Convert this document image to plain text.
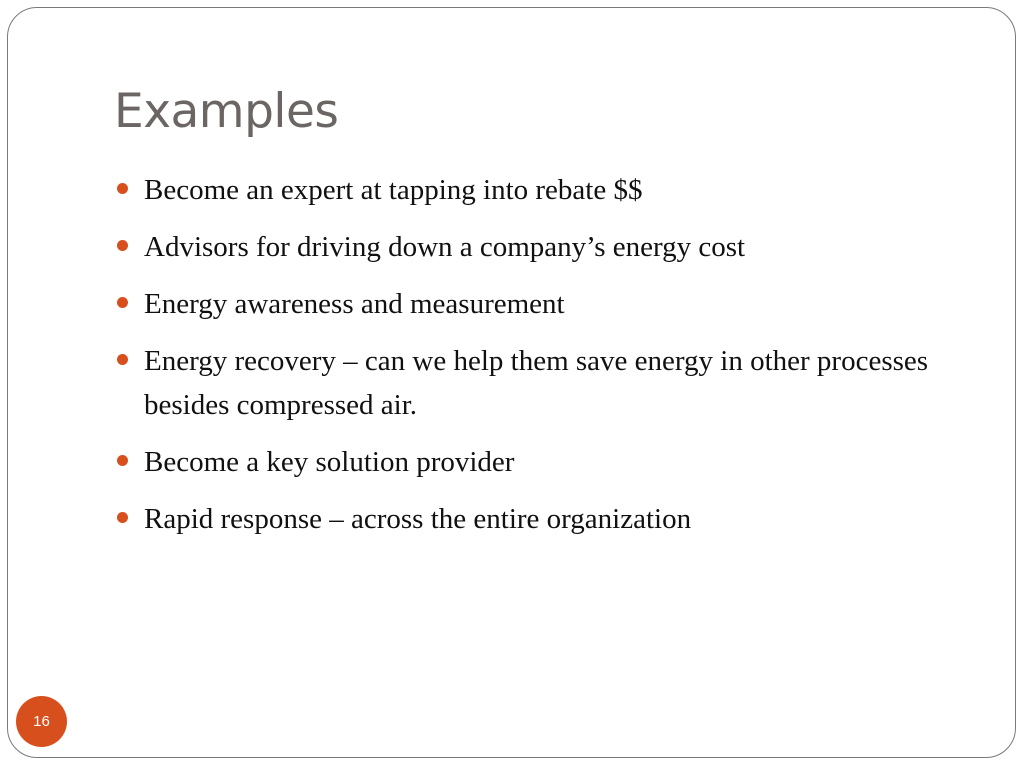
Examples
Become an expert at tapping into rebate $$
Advisors for driving down a company’s energy cost
Energy awareness and measurement
Energy recovery – can we help them save energy in other processes besides compressed air.
Become a key solution provider
Rapid response – across the entire organization
16
